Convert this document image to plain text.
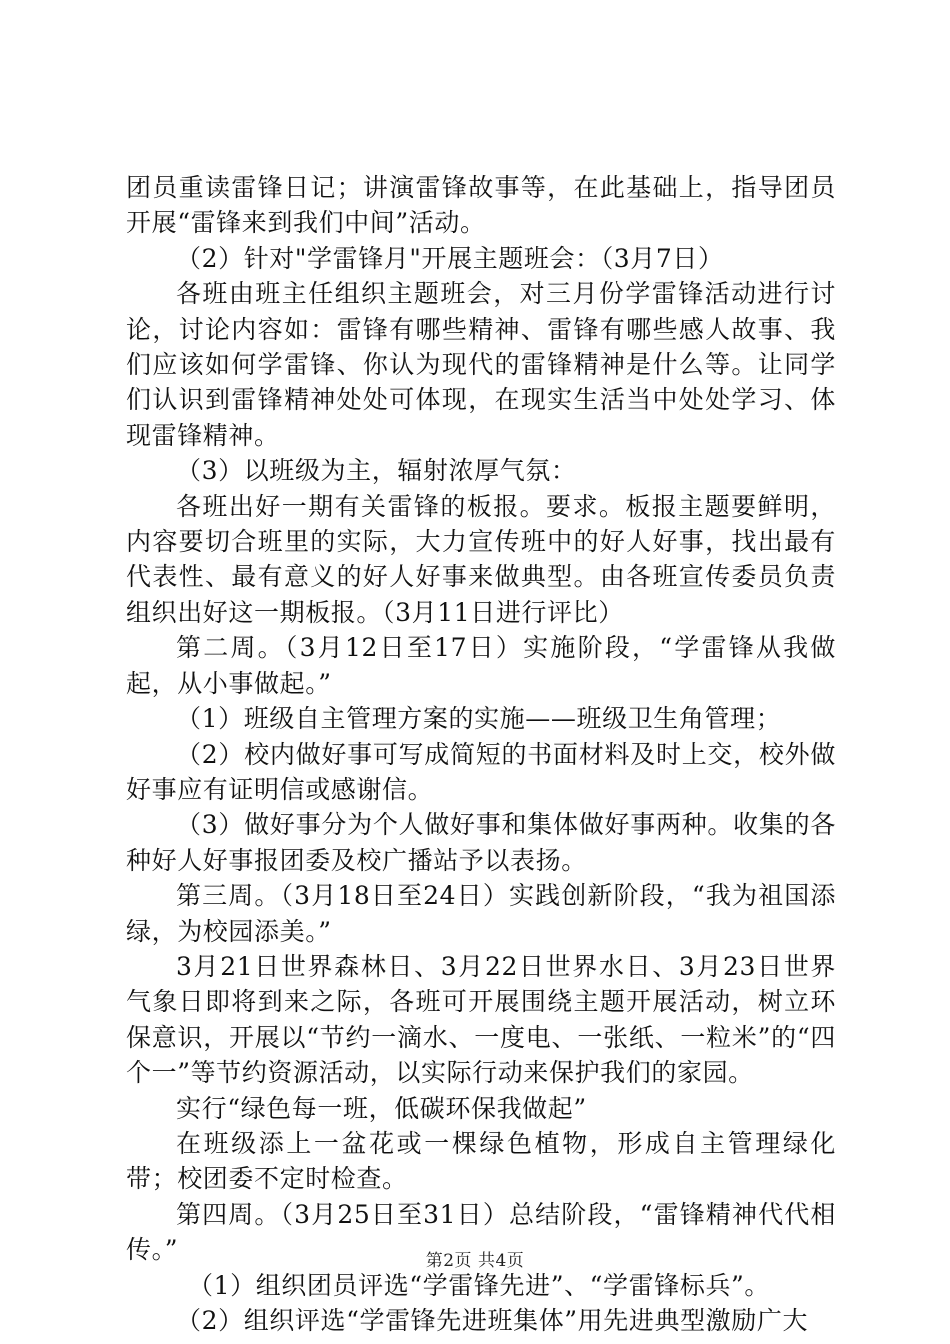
团员重读雷锋日记；讲演雷锋故事等，在此基础上，指导团员开展“雷锋来到我们中间”活动。

（2）针对"学雷锋月"开展主题班会：（3月7日）

各班由班主任组织主题班会，对三月份学雷锋活动进行讨论，讨论内容如：雷锋有哪些精神、雷锋有哪些感人故事、我们应该如何学雷锋、你认为现代的雷锋精神是什么等。让同学们认识到雷锋精神处处可体现，在现实生活当中处处学习、体现雷锋精神。

（3）以班级为主，辐射浓厚气氛：

各班出好一期有关雷锋的板报。要求。板报主题要鲜明，内容要切合班里的实际，大力宣传班中的好人好事，找出最有代表性、最有意义的好人好事来做典型。由各班宣传委员负责组织出好这一期板报。（3月11日进行评比）

第二周。（3月12日至17日）实施阶段，“学雷锋从我做起，从小事做起。”

（1）班级自主管理方案的实施——班级卫生角管理；

（2）校内做好事可写成简短的书面材料及时上交，校外做好事应有证明信或感谢信。

（3）做好事分为个人做好事和集体做好事两种。收集的各种好人好事报团委及校广播站予以表扬。

第三周。（3月18日至24日）实践创新阶段，“我为祖国添绿，为校园添美。”

3月21日世界森林日、3月22日世界水日、3月23日世界气象日即将到来之际，各班可开展围绕主题开展活动，树立环保意识，开展以“节约一滴水、一度电、一张纸、一粒米”的“四个一”等节约资源活动，以实际行动来保护我们的家园。

实行“绿色每一班，低碳环保我做起”

在班级添上一盆花或一棵绿色植物，形成自主管理绿化带；校团委不定时检查。

第四周。（3月25日至31日）总结阶段，“雷锋精神代代相传。”

（1）组织团员评选“学雷锋先进”、“学雷锋标兵”。

（2）组织评选“学雷锋先进班集体”用先进典型激励广大

第2页 共4页
